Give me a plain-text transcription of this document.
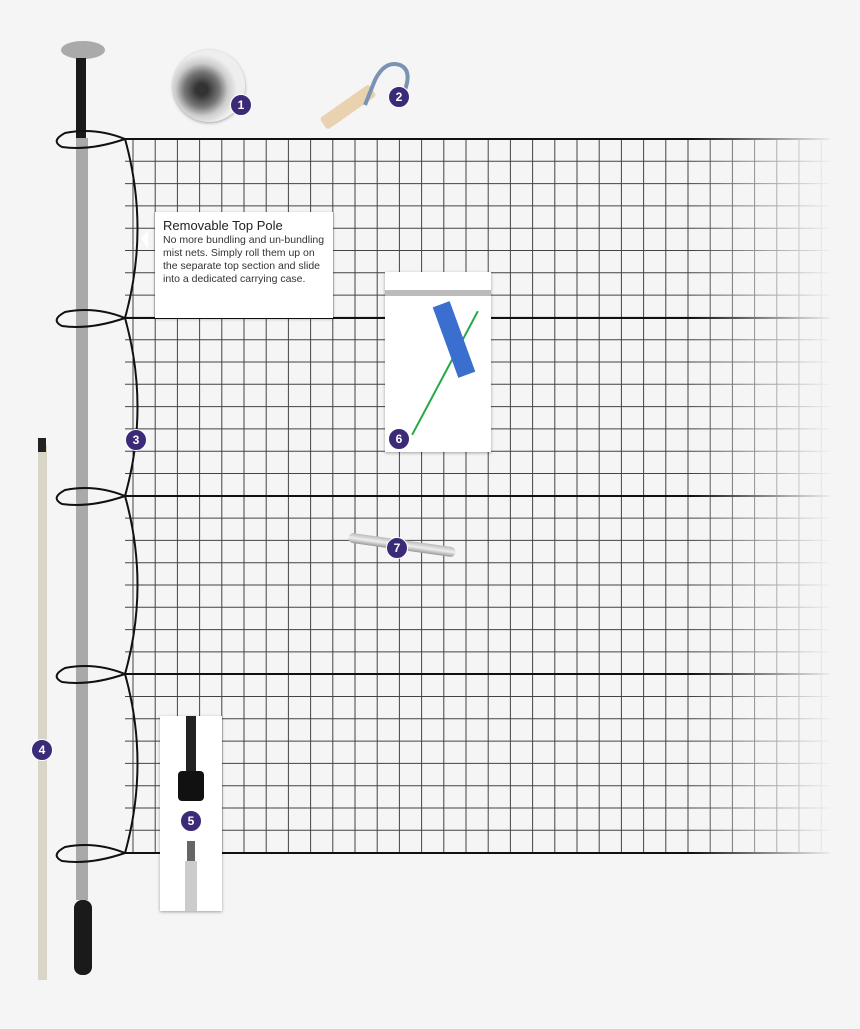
Removable Top Pole

No more bundling and un-bundling mist nets. Simply roll them up on the separate top section and slide into a dedicated carrying case.

1
2
3
4
5
6
7
